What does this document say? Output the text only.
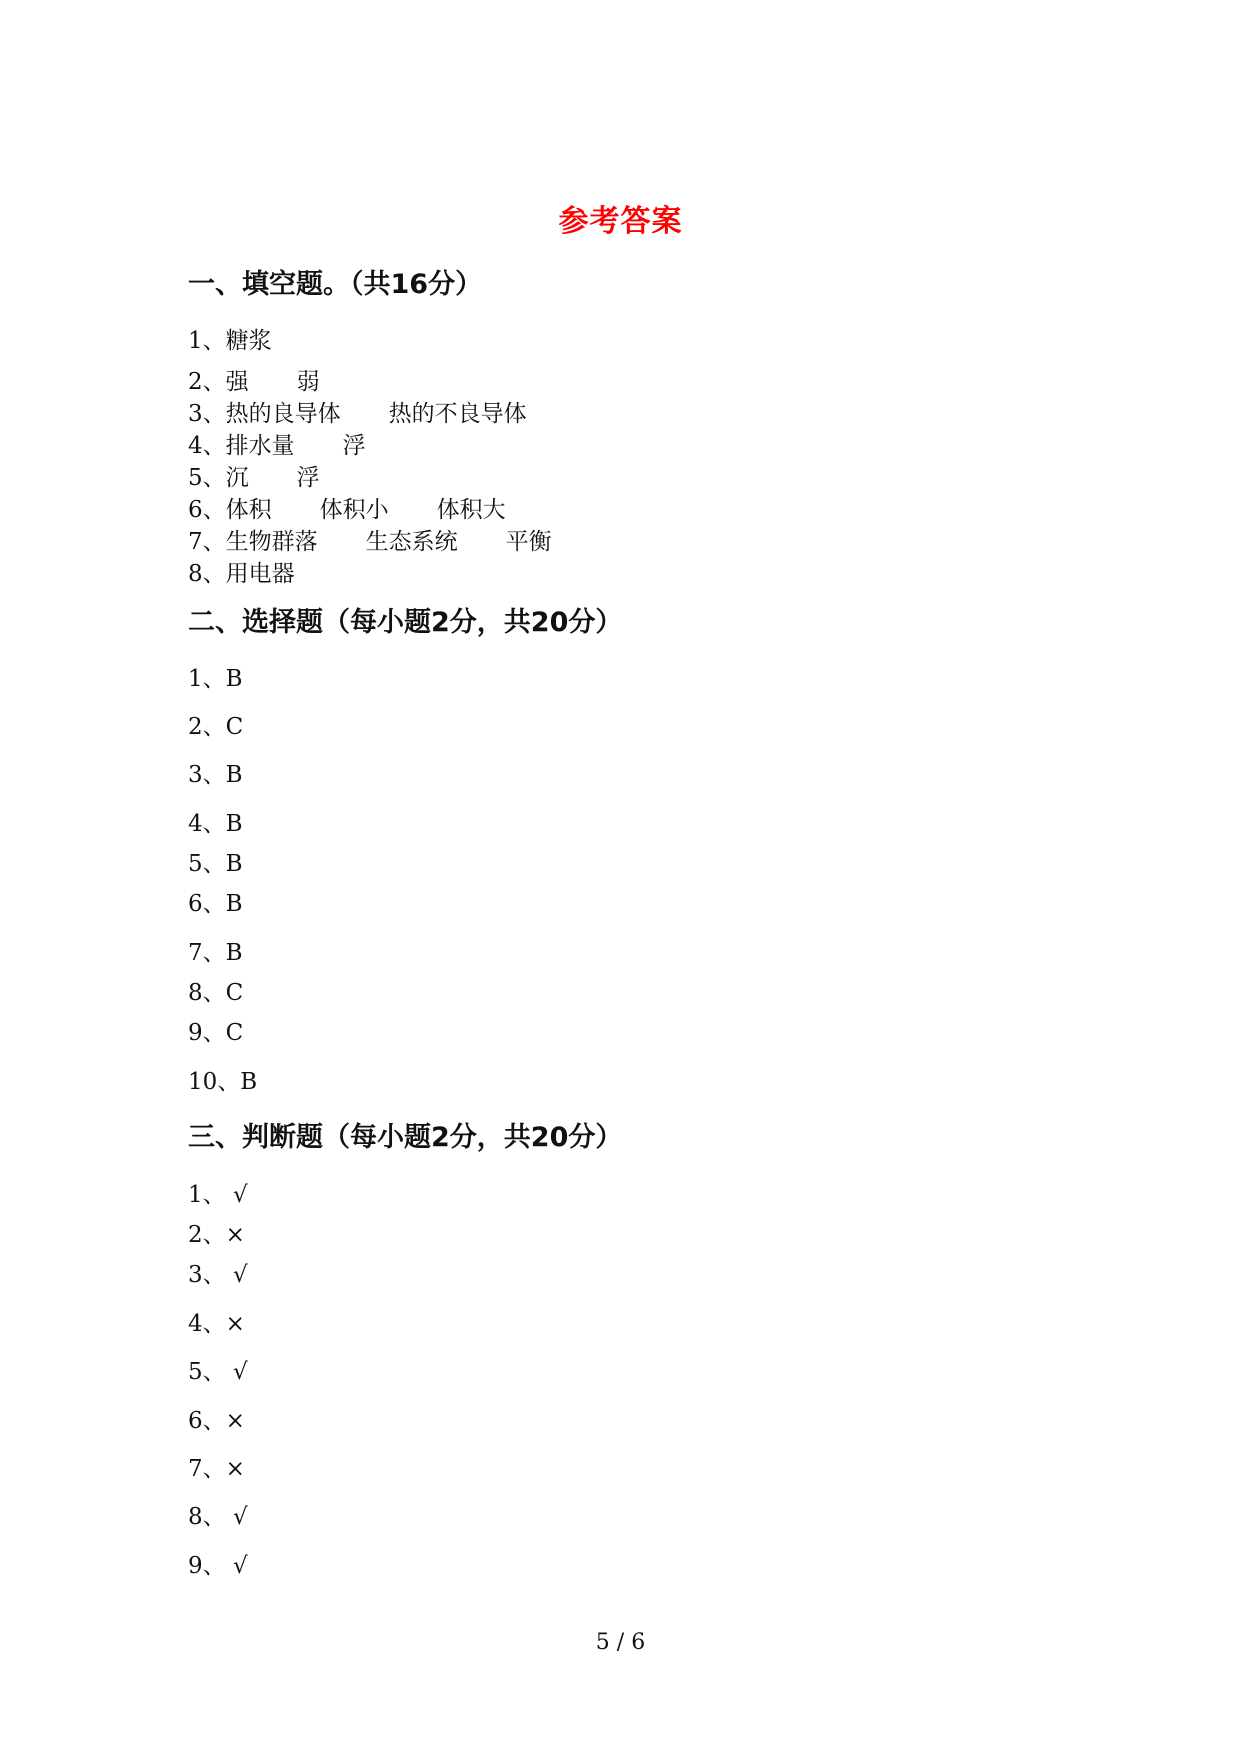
参考答案
一、填空题。（共16分）
1、糖浆
2、强 弱
3、热的良导体 热的不良导体
4、排水量 浮
5、沉 浮
6、体积 体积小 体积大
7、生物群落 生态系统 平衡
8、用电器
二、选择题（每小题2分，共20分）
1、B
2、C
3、B
4、B
5、B
6、B
7、B
8、C
9、C
10、B
三、判断题（每小题2分，共20分）
1、 √
2、×
3、 √
4、×
5、 √
6、×
7、×
8、 √
9、 √
5 / 6
